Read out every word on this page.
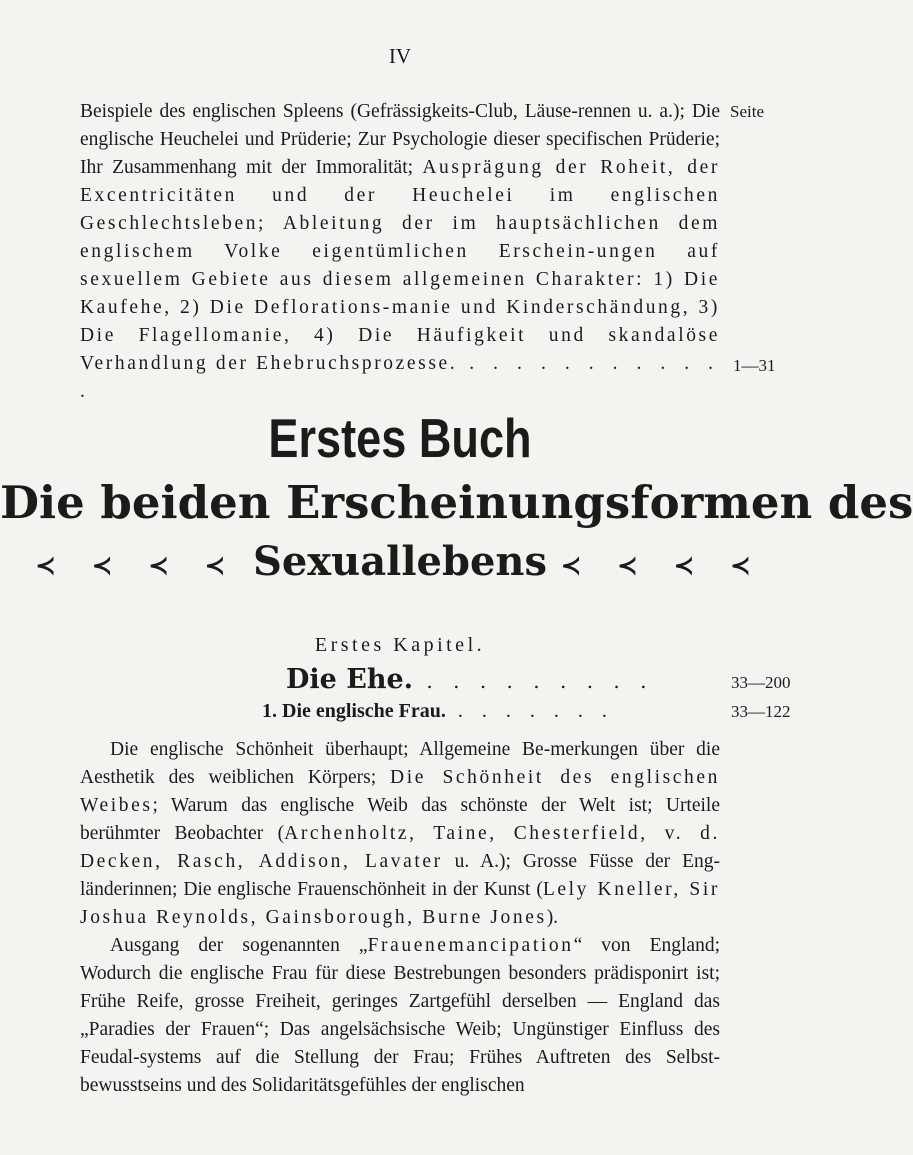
IV
Beispiele des englischen Spleens (Gefrässigkeits-Club, Läuse-rennen u. a.); Die englische Heuchelei und Prüderie; Zur Psychologie dieser specifischen Prüderie; Ihr Zusammenhang mit der Immoralität; Ausprägung der Roheit, der Excentricitäten und der Heuchelei im englischen Geschlechtsleben; Ableitung der im hauptsächlichen dem englischem Volke eigentümlichen Erschein-ungen auf sexuellem Gebiete aus diesem allgemeinen Charakter: 1) Die Kaufehe, 2) Die Deflorations-manie und Kinderschändung, 3) Die Flagellomanie, 4) Die Häufigkeit und skandalöse Verhandlung der Ehebruchsprozesse. . . . . . . . . . . . .
Seite
1—31
Erstes Buch
Die beiden Erscheinungsformen des
≺ ≺ ≺ ≺ Sexuallebens ≺ ≺ ≺ ≺
Erstes Kapitel.
Die Ehe. . . . . . . . . .	33—200
1. Die englische Frau. . . . . . . .	33—122
Die englische Schönheit überhaupt; Allgemeine Be-merkungen über die Aesthetik des weiblichen Körpers; Die Schönheit des englischen Weibes; Warum das englische Weib das schönste der Welt ist; Urteile berühmter Beobachter (Archenholtz, Taine, Chesterfield, v. d. Decken, Rasch, Addison, Lavater u. A.); Grosse Füsse der Eng-länderinnen; Die englische Frauenschönheit in der Kunst (Lely Kneller, Sir Joshua Reynolds, Gainsborough, Burne Jones).
Ausgang der sogenannten „Frauenemancipation“ von England; Wodurch die englische Frau für diese Bestrebungen besonders prädisponirt ist; Frühe Reife, grosse Freiheit, geringes Zartgefühl derselben — England das „Paradies der Frauen“; Das angelsächsische Weib; Ungünstiger Einfluss des Feudal-systems auf die Stellung der Frau; Frühes Auftreten des Selbst-bewusstseins und des Solidaritätsgefühles der englischen
